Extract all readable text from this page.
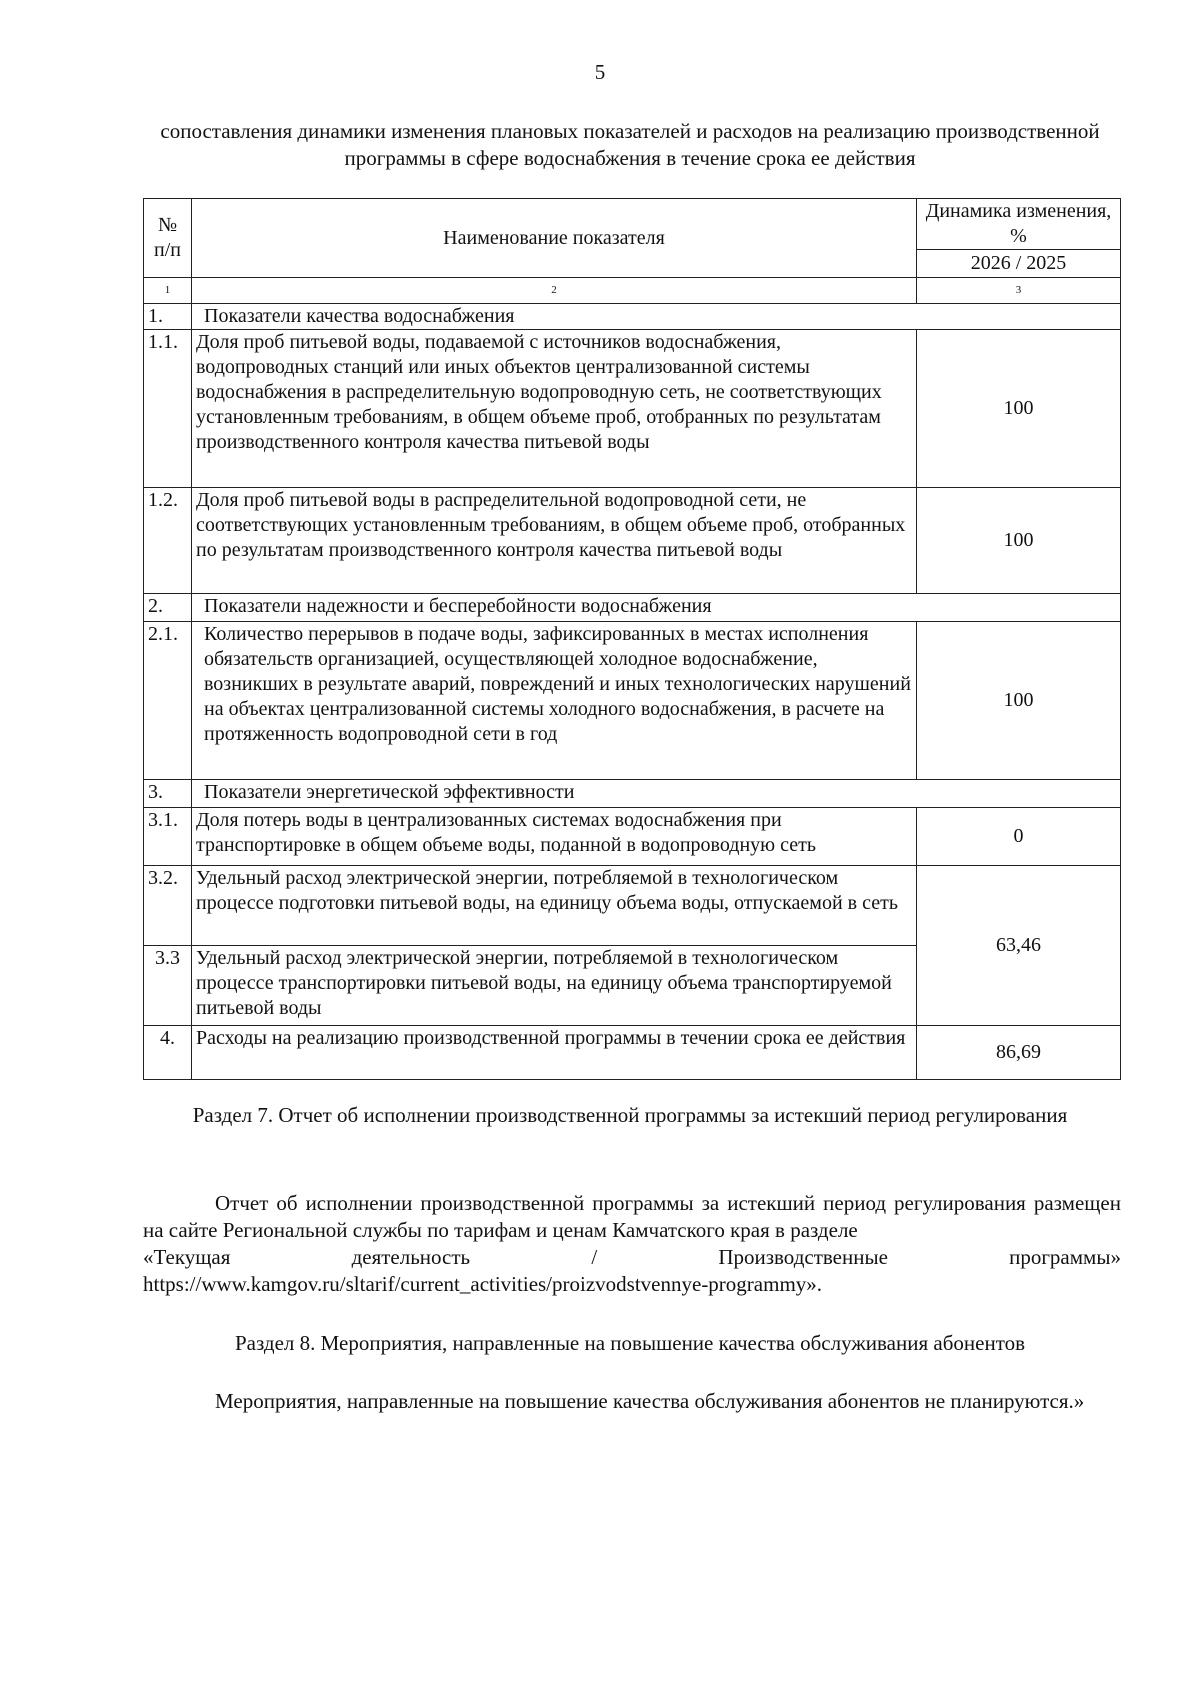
5
сопоставления динамики изменения плановых показателей и расходов на реализацию производственной программы в сфере водоснабжения в течение срока ее действия
№ п/п	Наименование показателя	Динамика изменения, %
		2026 / 2025
1	2	3
1.	Показатели качества водоснабжения	
1.1.	Доля проб питьевой воды, подаваемой с источников водоснабжения, водопроводных станций или иных объектов централизованной системы водоснабжения в распределительную водопроводную сеть, не соответствующих установленным требованиям, в общем объеме проб, отобранных по результатам производственного контроля качества питьевой воды	100
1.2.	Доля проб питьевой воды в распределительной водопроводной сети, не соответствующих установленным требованиям, в общем объеме проб, отобранных по результатам производственного контроля качества питьевой воды	100
2.	Показатели надежности и бесперебойности водоснабжения	
2.1.	Количество перерывов в подаче воды, зафиксированных в местах исполнения обязательств организацией, осуществляющей холодное водоснабжение, возникших в результате аварий, повреждений и иных технологических нарушений на объектах централизованной системы холодного водоснабжения, в расчете на протяженность водопроводной сети в год	100
3.	Показатели энергетической эффективности	
3.1.	Доля потерь воды в централизованных системах водоснабжения при транспортировке в общем объеме воды, поданной в водопроводную сеть	0
3.2.	Удельный расход электрической энергии, потребляемой в технологическом процессе подготовки питьевой воды, на единицу объема воды, отпускаемой в сеть	63,46
3.3	Удельный расход электрической энергии, потребляемой в технологическом процессе транспортировки питьевой воды, на единицу объема транспортируемой питьевой воды	
4.	Расходы на реализацию производственной программы в течении срока ее действия	86,69
Раздел 7. Отчет об исполнении производственной программы за истекший период регулирования
Отчет об исполнении производственной программы за истекший период регулирования размещен на сайте Региональной службы по тарифам и ценам Камчатского края в разделе
«Текущая	деятельность	/	Производственные	программы»
https://www.kamgov.ru/sltarif/current_activities/proizvodstvennye-programmy».
Раздел 8. Мероприятия, направленные на повышение качества обслуживания абонентов
Мероприятия, направленные на повышение качества обслуживания абонентов не планируются.»
